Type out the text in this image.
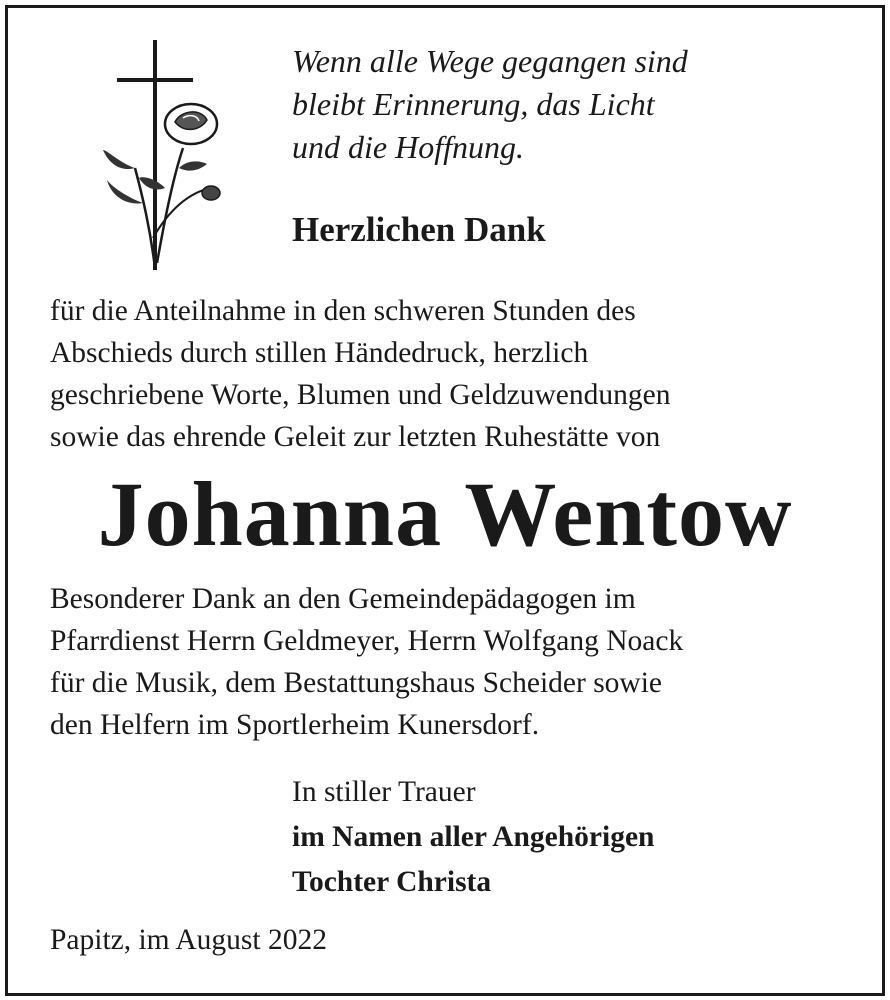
Wenn alle Wege gegangen sind
bleibt Erinnerung, das Licht
und die Hoffnung.
Herzlichen Dank
für die Anteilnahme in den schweren Stunden des
Abschieds durch stillen Händedruck, herzlich
geschriebene Worte, Blumen und Geldzuwendungen
sowie das ehrende Geleit zur letzten Ruhestätte von
Johanna Wentow
Besonderer Dank an den Gemeindepädagogen im
Pfarrdienst Herrn Geldmeyer, Herrn Wolfgang Noack
für die Musik, dem Bestattungshaus Scheider sowie
den Helfern im Sportlerheim Kunersdorf.
In stiller Trauer
im Namen aller Angehörigen
Tochter Christa
Papitz, im August 2022
